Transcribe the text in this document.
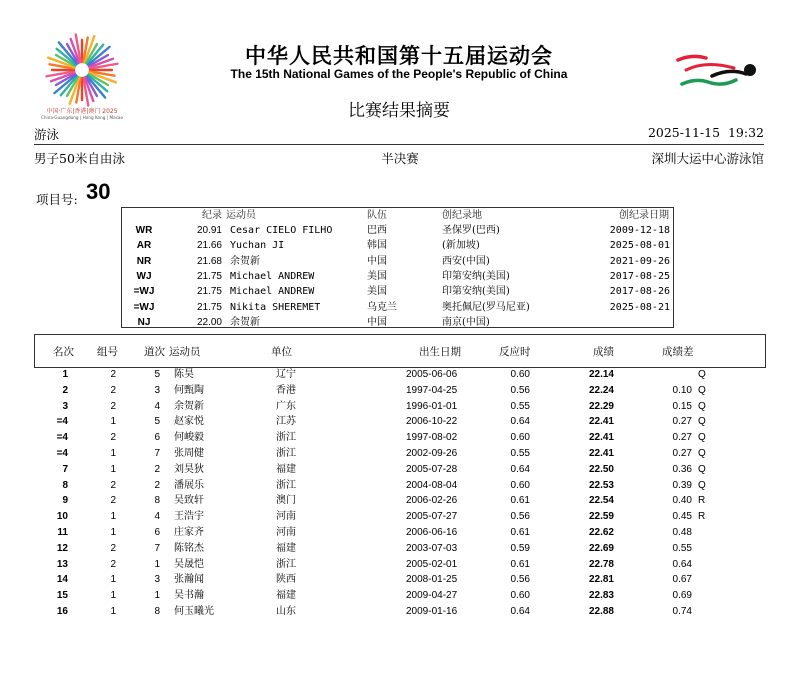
中国·广东|香港|澳门 2025
China·Guangdong | Hong Kong | Macao
中华人民共和国第十五届运动会
The 15th National Games of the People's Republic of China
比赛结果摘要
游泳	2025-11-15  19:32
男子50米自由泳	半决赛	深圳大运中心游泳馆
项目号: 30
纪录 运动员	队伍	创纪录地	创纪录日期
WR	20.91 Cesar CIELO FILHO	巴西	圣保罗(巴西)	2009-12-18
AR	21.66 Yuchan JI	韩国	(新加坡)	2025-08-01
NR	21.68 余贺新	中国	西安(中国)	2021-09-26
WJ	21.75 Michael ANDREW	美国	印第安纳(美国)	2017-08-25
=WJ	21.75 Michael ANDREW	美国	印第安纳(美国)	2017-08-26
=WJ	21.75 Nikita SHEREMET	乌克兰	奥托佩尼(罗马尼亚)	2025-08-21
NJ	22.00 余贺新	中国	南京(中国)
名次 组号 道次 运动员	单位	出生日期	反应时	成绩	成绩差
1	2	5 陈昊	辽宁	2005-06-06	0.60	22.14	Q
2	2	3 何甄陶	香港	1997-04-25	0.56	22.24	0.10 Q
3	2	4 余贺新	广东	1996-01-01	0.55	22.29	0.15 Q
=4	1	5 赵家悦	江苏	2006-10-22	0.64	22.41	0.27 Q
=4	2	6 何峻毅	浙江	1997-08-02	0.60	22.41	0.27 Q
=4	1	7 张周健	浙江	2002-09-26	0.55	22.41	0.27 Q
7	1	2 刘昊狄	福建	2005-07-28	0.64	22.50	0.36 Q
8	2	2 潘展乐	浙江	2004-08-04	0.60	22.53	0.39 Q
9	2	8 吴致轩	澳门	2006-02-26	0.61	22.54	0.40 R
10	1	4 王浩宇	河南	2005-07-27	0.56	22.59	0.45 R
11	1	6 庄家齐	河南	2006-06-16	0.61	22.62	0.48
12	2	7 陈铭杰	福建	2003-07-03	0.59	22.69	0.55
13	2	1 吴晟恺	浙江	2005-02-01	0.61	22.78	0.64
14	1	3 张瀚闻	陕西	2008-01-25	0.56	22.81	0.67
15	1	1 吴书瀚	福建	2009-04-27	0.60	22.83	0.69
16	1	8 何玉曦光	山东	2009-01-16	0.64	22.88	0.74
